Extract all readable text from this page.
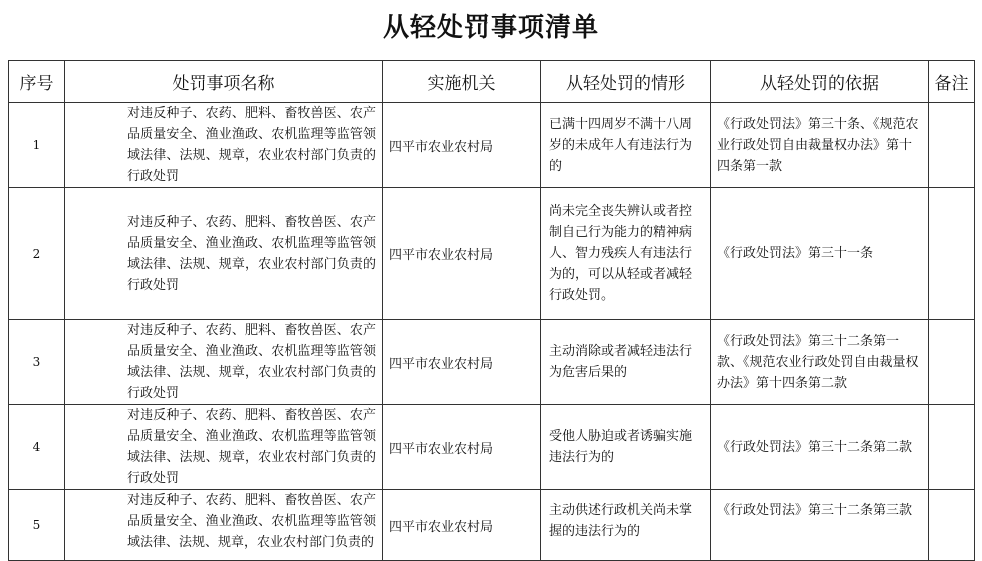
从轻处罚事项清单
序号	处罚事项名称	实施机关	从轻处罚的情形	从轻处罚的依据	备注
1	对违反种子、农药、肥料、畜牧兽医、农产品质量安全、渔业渔政、农机监理等监管领域法律、法规、规章，农业农村部门负责的行政处罚	四平市农业农村局	已满十四周岁不满十八周岁的未成年人有违法行为的	《行政处罚法》第三十条、《规范农业行政处罚自由裁量权办法》第十四条第一款	
2	对违反种子、农药、肥料、畜牧兽医、农产品质量安全、渔业渔政、农机监理等监管领域法律、法规、规章，农业农村部门负责的行政处罚	四平市农业农村局	尚未完全丧失辨认或者控制自己行为能力的精神病人、智力残疾人有违法行为的，可以从轻或者减轻行政处罚。	《行政处罚法》第三十一条	
3	对违反种子、农药、肥料、畜牧兽医、农产品质量安全、渔业渔政、农机监理等监管领域法律、法规、规章，农业农村部门负责的行政处罚	四平市农业农村局	主动消除或者减轻违法行为危害后果的	《行政处罚法》第三十二条第一款、《规范农业行政处罚自由裁量权办法》第十四条第二款	
4	对违反种子、农药、肥料、畜牧兽医、农产品质量安全、渔业渔政、农机监理等监管领域法律、法规、规章，农业农村部门负责的行政处罚	四平市农业农村局	受他人胁迫或者诱骗实施违法行为的	《行政处罚法》第三十二条第二款	
5	对违反种子、农药、肥料、畜牧兽医、农产品质量安全、渔业渔政、农机监理等监管领域法律、法规、规章，农业农村部门负责的	四平市农业农村局	主动供述行政机关尚未掌握的违法行为的	《行政处罚法》第三十二条第三款	
